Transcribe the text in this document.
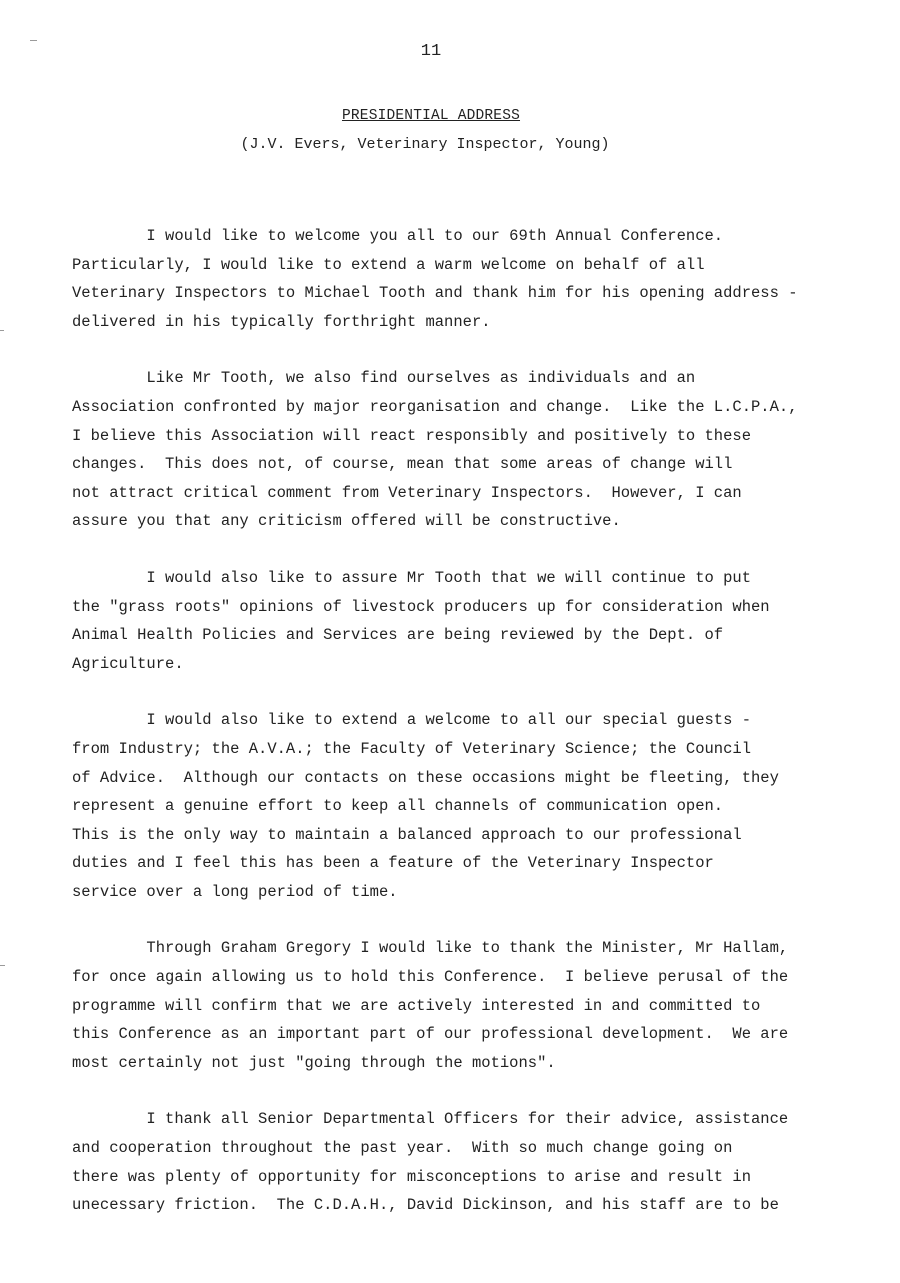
11
PRESIDENTIAL ADDRESS
(J.V. Evers, Veterinary Inspector, Young)
I would like to welcome you all to our 69th Annual Conference.
Particularly, I would like to extend a warm welcome on behalf of all
Veterinary Inspectors to Michael Tooth and thank him for his opening address -
delivered in his typically forthright manner.
Like Mr Tooth, we also find ourselves as individuals and an
Association confronted by major reorganisation and change.  Like the L.C.P.A.,
I believe this Association will react responsibly and positively to these
changes.  This does not, of course, mean that some areas of change will
not attract critical comment from Veterinary Inspectors.  However, I can
assure you that any criticism offered will be constructive.
I would also like to assure Mr Tooth that we will continue to put
the "grass roots" opinions of livestock producers up for consideration when
Animal Health Policies and Services are being reviewed by the Dept. of
Agriculture.
I would also like to extend a welcome to all our special guests -
from Industry; the A.V.A.; the Faculty of Veterinary Science; the Council
of Advice.  Although our contacts on these occasions might be fleeting, they
represent a genuine effort to keep all channels of communication open.
This is the only way to maintain a balanced approach to our professional
duties and I feel this has been a feature of the Veterinary Inspector
service over a long period of time.
Through Graham Gregory I would like to thank the Minister, Mr Hallam,
for once again allowing us to hold this Conference.  I believe perusal of the
programme will confirm that we are actively interested in and committed to
this Conference as an important part of our professional development.  We are
most certainly not just "going through the motions".
I thank all Senior Departmental Officers for their advice, assistance
and cooperation throughout the past year.  With so much change going on
there was plenty of opportunity for misconceptions to arise and result in
unecessary friction.  The C.D.A.H., David Dickinson, and his staff are to be
